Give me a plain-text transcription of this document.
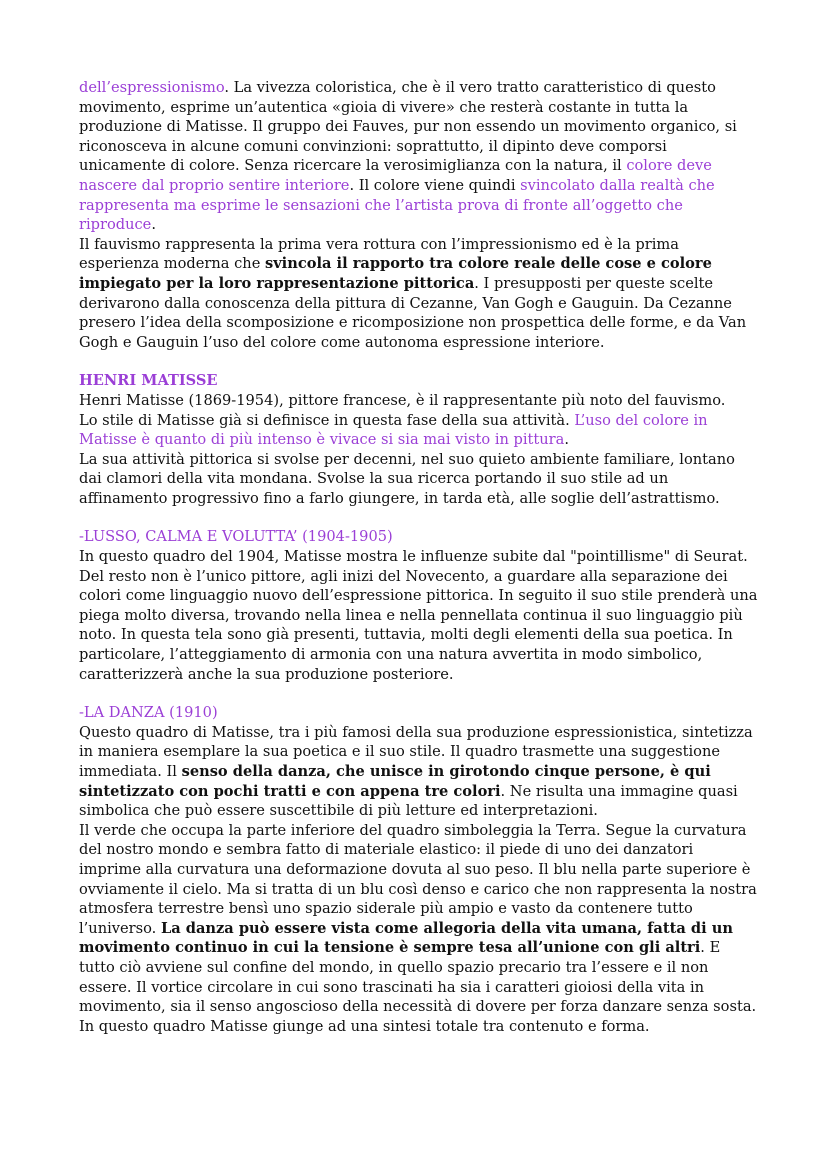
dell’espressionismo. La vivezza coloristica, che è il vero tratto caratteristico di questo movimento, esprime un’autentica «gioia di vivere» che resterà costante in tutta la produzione di Matisse. Il gruppo dei Fauves, pur non essendo un movimento organico, si riconosceva in alcune comuni convinzioni: soprattutto, il dipinto deve comporsi unicamente di colore. Senza ricercare la verosimiglianza con la natura, il colore deve nascere dal proprio sentire interiore. Il colore viene quindi svincolato dalla realtà che rappresenta ma esprime le sensazioni che l’artista prova di fronte all’oggetto che riproduce.

Il fauvismo rappresenta la prima vera rottura con l’impressionismo ed è la prima esperienza moderna che svincola il rapporto tra colore reale delle cose e colore impiegato per la loro rappresentazione pittorica. I presupposti per queste scelte derivarono dalla conoscenza della pittura di Cezanne, Van Gogh e Gauguin. Da Cezanne presero l’idea della scomposizione e ricomposizione non prospettica delle forme, e da Van Gogh e Gauguin l’uso del colore come autonoma espressione interiore.

HENRI MATISSE

Henri Matisse (1869-1954), pittore francese, è il rappresentante più noto del fauvismo.

Lo stile di Matisse già si definisce in questa fase della sua attività. L’uso del colore in Matisse è quanto di più intenso è vivace si sia mai visto in pittura.

La sua attività pittorica si svolse per decenni, nel suo quieto ambiente familiare, lontano dai clamori della vita mondana. Svolse la sua ricerca portando il suo stile ad un affinamento progressivo fino a farlo giungere, in tarda età, alle soglie dell’astrattismo.

-LUSSO, CALMA E VOLUTTA’ (1904-1905)

In questo quadro del 1904, Matisse mostra le influenze subite dal "pointillisme" di Seurat. Del resto non è l’unico pittore, agli inizi del Novecento, a guardare alla separazione dei colori come linguaggio nuovo dell’espressione pittorica. In seguito il suo stile prenderà una piega molto diversa, trovando nella linea e nella pennellata continua il suo linguaggio più noto. In questa tela sono già presenti, tuttavia, molti degli elementi della sua poetica. In particolare, l’atteggiamento di armonia con una natura avvertita in modo simbolico, caratterizzerà anche la sua produzione posteriore.

-LA DANZA (1910)

Questo quadro di Matisse, tra i più famosi della sua produzione espressionistica, sintetizza in maniera esemplare la sua poetica e il suo stile. Il quadro trasmette una suggestione immediata. Il senso della danza, che unisce in girotondo cinque persone, è qui sintetizzato con pochi tratti e con appena tre colori. Ne risulta una immagine quasi simbolica che può essere suscettibile di più letture ed interpretazioni.

Il verde che occupa la parte inferiore del quadro simboleggia la Terra. Segue la curvatura del nostro mondo e sembra fatto di materiale elastico: il piede di uno dei danzatori imprime alla curvatura una deformazione dovuta al suo peso. Il blu nella parte superiore è ovviamente il cielo. Ma si tratta di un blu così denso e carico che non rappresenta la nostra atmosfera terrestre bensì uno spazio siderale più ampio e vasto da contenere tutto l’universo. La danza può essere vista come allegoria della vita umana, fatta di un movimento continuo in cui la tensione è sempre tesa all’unione con gli altri. E tutto ciò avviene sul confine del mondo, in quello spazio precario tra l’essere e il non essere. Il vortice circolare in cui sono trascinati ha sia i caratteri gioiosi della vita in movimento, sia il senso angoscioso della necessità di dovere per forza danzare senza sosta. In questo quadro Matisse giunge ad una sintesi totale tra contenuto e forma.
